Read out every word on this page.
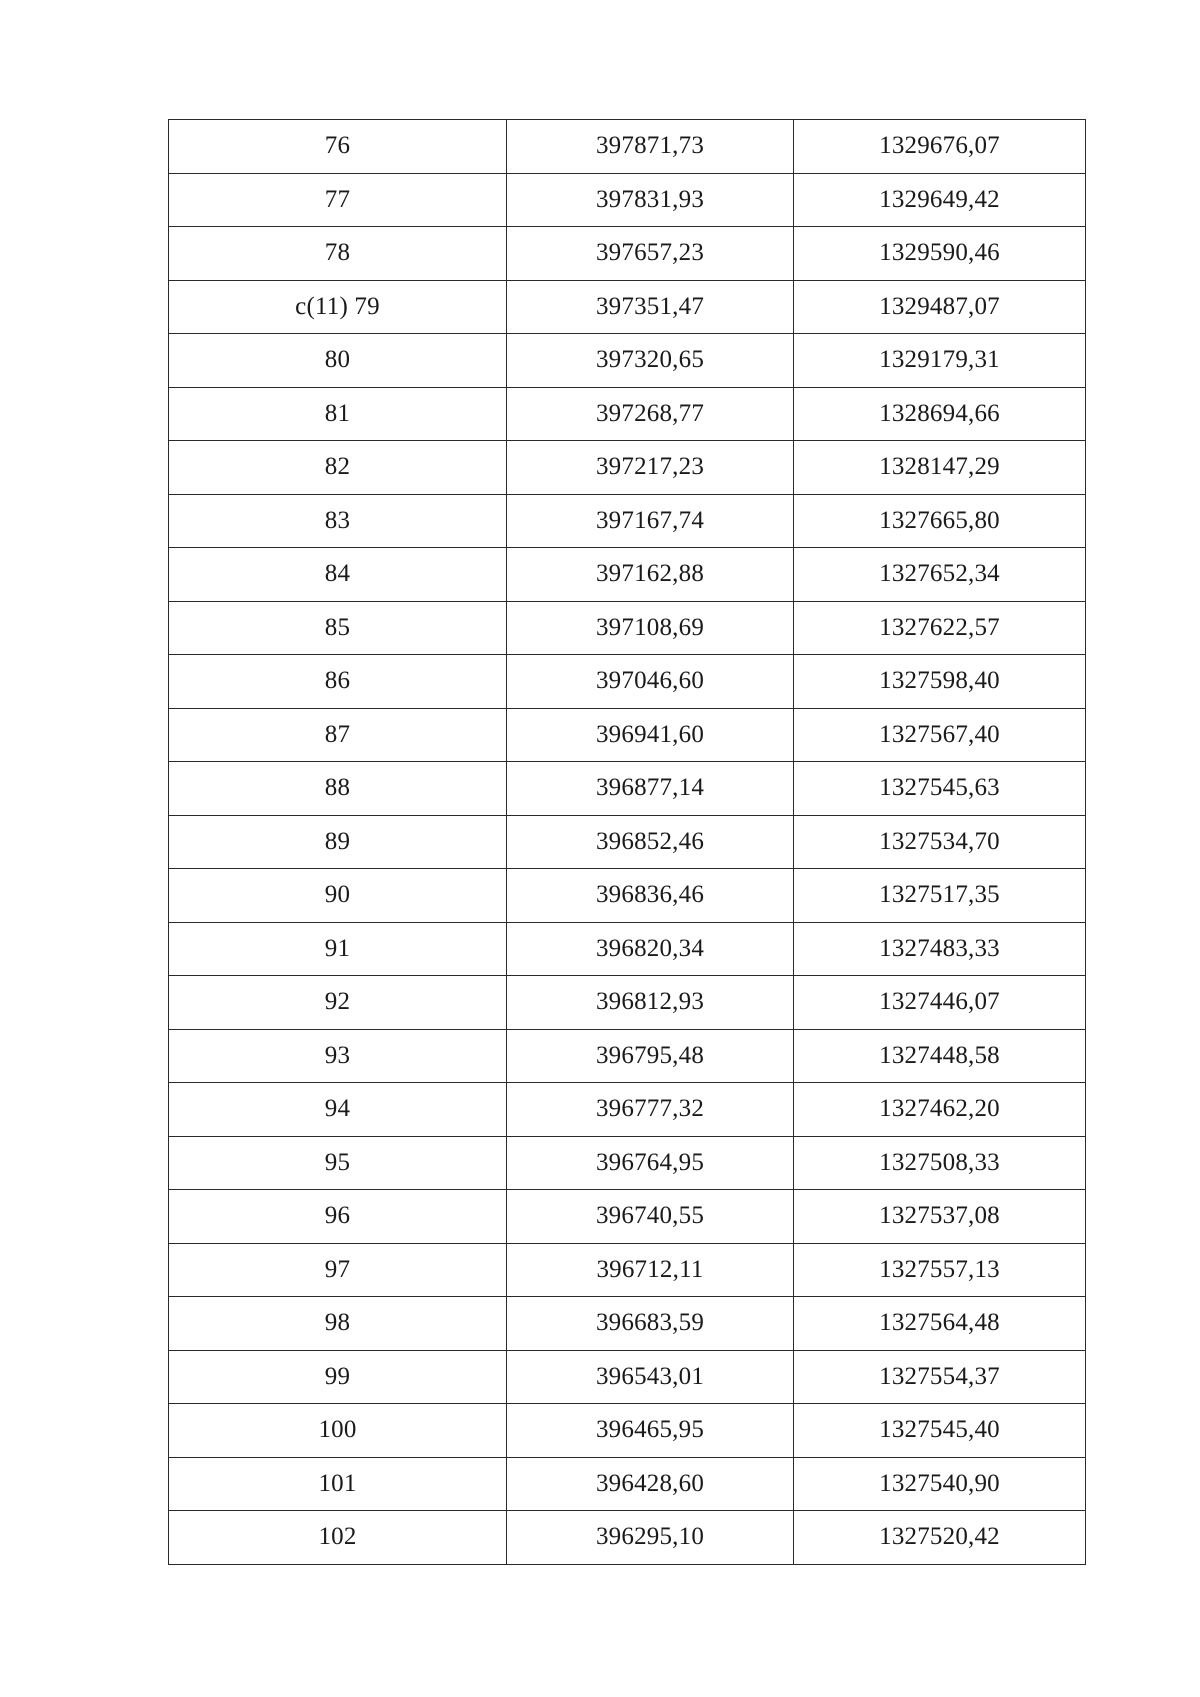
76	397871,73	1329676,07
77	397831,93	1329649,42
78	397657,23	1329590,46
с(11) 79	397351,47	1329487,07
80	397320,65	1329179,31
81	397268,77	1328694,66
82	397217,23	1328147,29
83	397167,74	1327665,80
84	397162,88	1327652,34
85	397108,69	1327622,57
86	397046,60	1327598,40
87	396941,60	1327567,40
88	396877,14	1327545,63
89	396852,46	1327534,70
90	396836,46	1327517,35
91	396820,34	1327483,33
92	396812,93	1327446,07
93	396795,48	1327448,58
94	396777,32	1327462,20
95	396764,95	1327508,33
96	396740,55	1327537,08
97	396712,11	1327557,13
98	396683,59	1327564,48
99	396543,01	1327554,37
100	396465,95	1327545,40
101	396428,60	1327540,90
102	396295,10	1327520,42
